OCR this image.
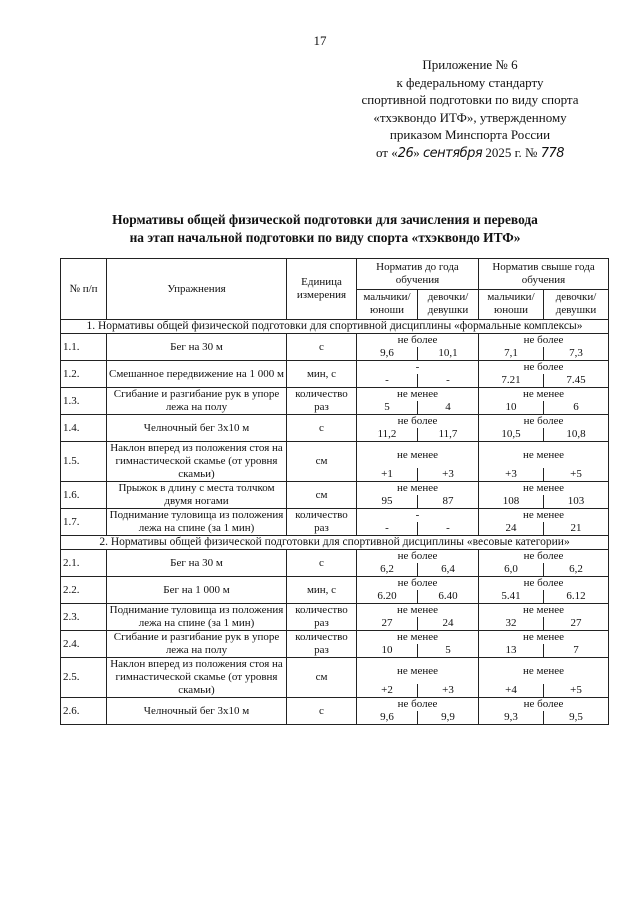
17
Приложение № 6
к федеральному стандарту
спортивной подготовки по виду спорта
«тхэквондо ИТФ», утвержденному
приказом Минспорта России
от «26» сентября 2025 г. № 778
Нормативы общей физической подготовки для зачисления и перевода
на этап начальной подготовки по виду спорта «тхэквондо ИТФ»
№ п/п	Упражнения	Единица измерения	Норматив до года обучения		Норматив свыше года обучения	
			мальчики/ юноши	девочки/ девушки	мальчики/ юноши	девочки/ девушки
1. Нормативы общей физической подготовки для спортивной дисциплины «формальные комплексы»						
1.1.	Бег на 30 м	с	не более		не более	
			9,6	10,1	7,1	7,3
1.2.	Смешанное передвижение на 1 000 м	мин, с	-		не более	
			-	-	7.21	7.45
1.3.	Сгибание и разгибание рук в упоре лежа на полу	количество раз	не менее		не менее	
			5	4	10	6
1.4.	Челночный бег 3х10 м	с	не более		не более	
			11,2	11,7	10,5	10,8
1.5.	Наклон вперед из положения стоя на гимнастической скамье (от уровня скамьи)	см	не менее		не менее	
			+1	+3	+3	+5
1.6.	Прыжок в длину с места толчком двумя ногами	см	не менее		не менее	
			95	87	108	103
1.7.	Поднимание туловища из положения лежа на спине (за 1 мин)	количество раз	-		не менее	
			-	-	24	21
2. Нормативы общей физической подготовки для спортивной дисциплины «весовые категории»						
2.1.	Бег на 30 м	с	не более		не более	
			6,2	6,4	6,0	6,2
2.2.	Бег на 1 000 м	мин, с	не более		не более	
			6.20	6.40	5.41	6.12
2.3.	Поднимание туловища из положения лежа на спине (за 1 мин)	количество раз	не менее		не менее	
			27	24	32	27
2.4.	Сгибание и разгибание рук в упоре лежа на полу	количество раз	не менее		не менее	
			10	5	13	7
2.5.	Наклон вперед из положения стоя на гимнастической скамье (от уровня скамьи)	см	не менее		не менее	
			+2	+3	+4	+5
2.6.	Челночный бег 3х10 м	с	не более		не более	
			9,6	9,9	9,3	9,5
